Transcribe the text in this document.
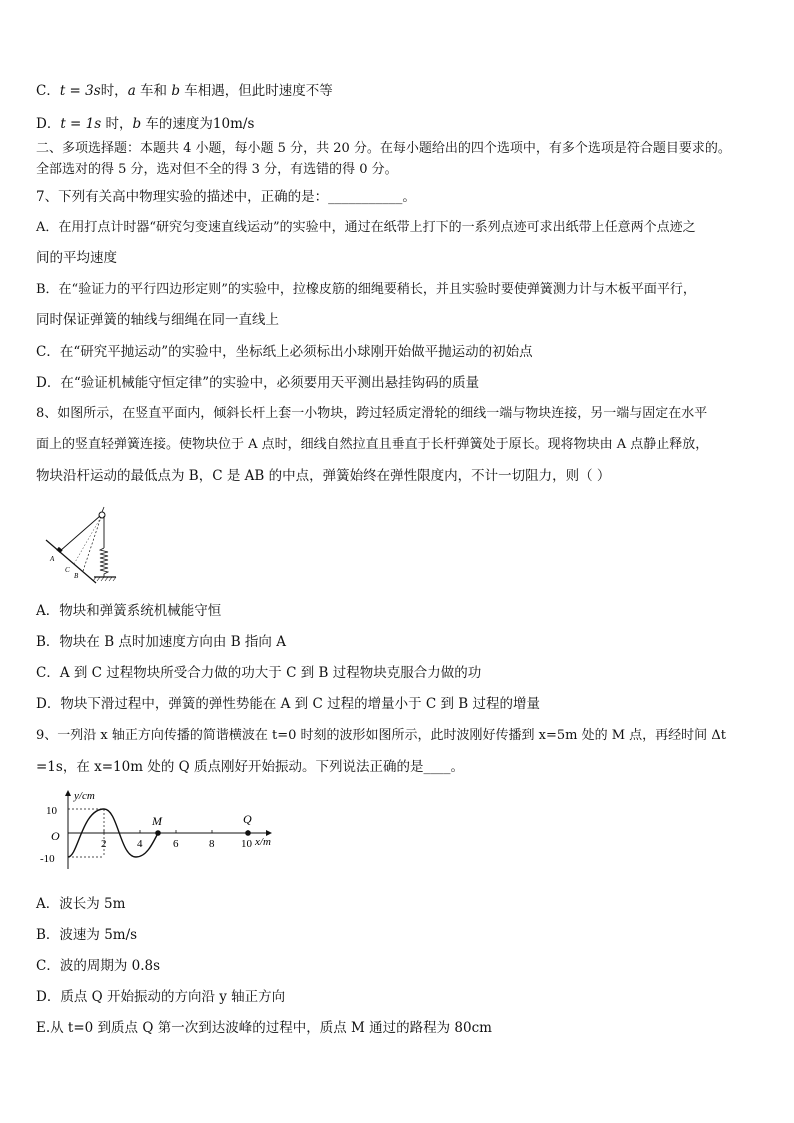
C．t = 3s时，a 车和 b 车相遇，但此时速度不等
D．t = 1s 时，b 车的速度为10m/s
二、多项选择题：本题共 4 小题，每小题 5 分，共 20 分。在每小题给出的四个选项中，有多个选项是符合题目要求的。
全部选对的得 5 分，选对但不全的得 3 分，有选错的得 0 分。
7、下列有关高中物理实验的描述中，正确的是：___________。
A．在用打点计时器“研究匀变速直线运动”的实验中，通过在纸带上打下的一系列点迹可求出纸带上任意两个点迹之
间的平均速度
B．在“验证力的平行四边形定则”的实验中，拉橡皮筋的细绳要稍长，并且实验时要使弹簧测力计与木板平面平行，
同时保证弹簧的轴线与细绳在同一直线上
C．在“研究平抛运动”的实验中，坐标纸上必须标出小球刚开始做平抛运动的初始点
D．在“验证机械能守恒定律”的实验中，必须要用天平测出悬挂钩码的质量
8、如图所示，在竖直平面内，倾斜长杆上套一小物块，跨过轻质定滑轮的细线一端与物块连接，另一端与固定在水平
面上的竖直轻弹簧连接。使物块位于 A 点时，细线自然拉直且垂直于长杆弹簧处于原长。现将物块由 A 点静止释放，
物块沿杆运动的最低点为 B，C 是 AB 的中点，弹簧始终在弹性限度内，不计一切阻力，则（ ）
A
C
B
A．物块和弹簧系统机械能守恒
B．物块在 B 点时加速度方向由 B 指向 A
C．A 到 C 过程物块所受合力做的功大于 C 到 B 过程物块克服合力做的功
D．物块下滑过程中，弹簧的弹性势能在 A 到 C 过程的增量小于 C 到 B 过程的增量
9、一列沿 x 轴正方向传播的简谐横波在 t=0 时刻的波形如图所示，此时波刚好传播到 x=5m 处的 M 点，再经时间 Δt
=1s，在 x=10m 处的 Q 质点刚好开始振动。下列说法正确的是____。
y/cm
x/m
O
10
-10
2	4	6	8 10
M	Q
A．波长为 5m
B．波速为 5m/s
C．波的周期为 0.8s
D．质点 Q 开始振动的方向沿 y 轴正方向
E.从 t=0 到质点 Q 第一次到达波峰的过程中，质点 M 通过的路程为 80cm
